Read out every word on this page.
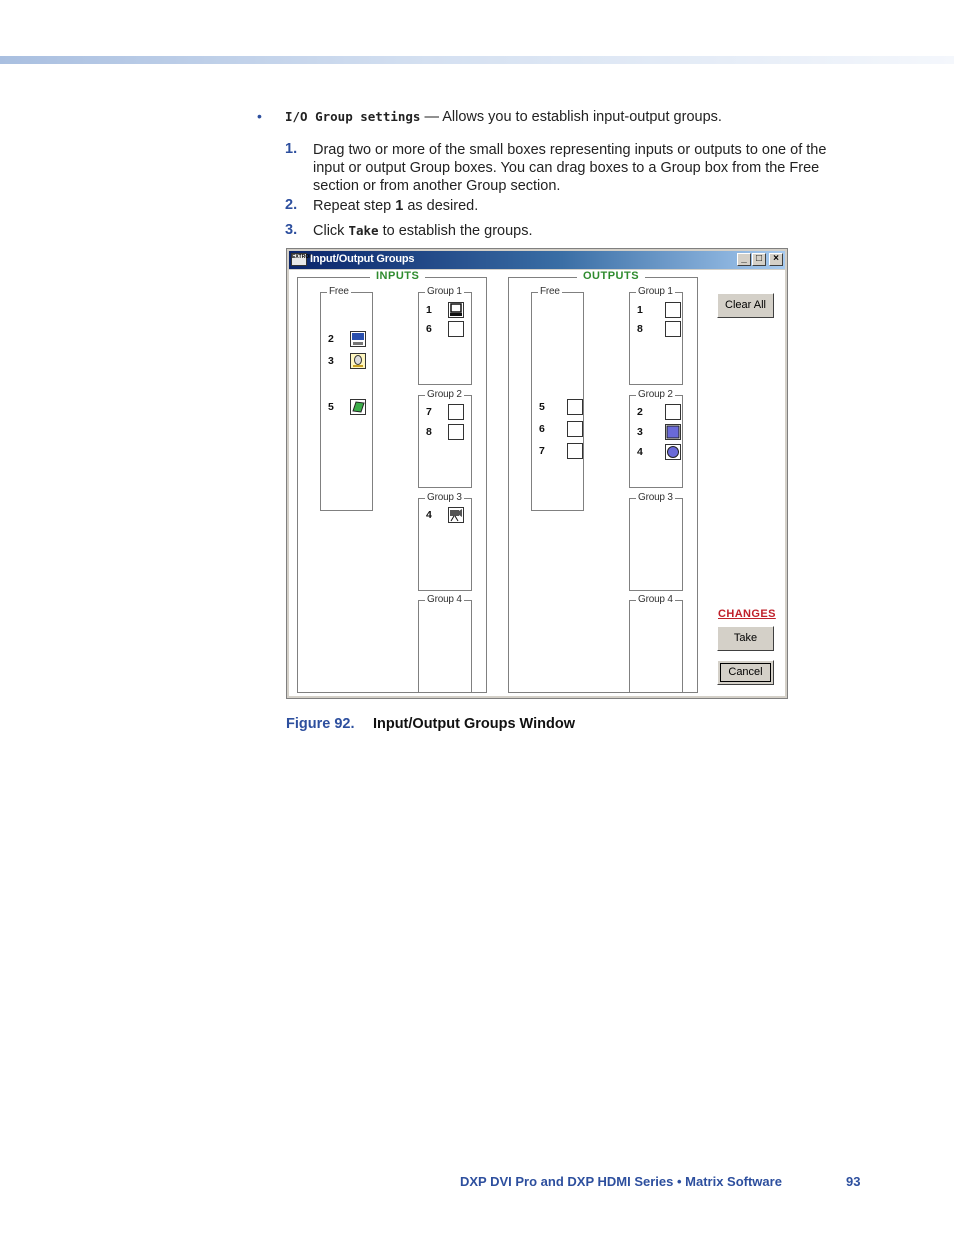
• I/O Group settings — Allows you to establish input-output groups.
1. Drag two or more of the small boxes representing inputs or outputs to one of the
input or output Group boxes. You can drag boxes to a Group box from the Free
section or from another Group section.
2. Repeat step 1 as desired.
3. Click Take to establish the groups.
EXTRON
Input/Output Groups	_ □	×
INPUTS
Free
2
3
5
Group 1
1
6
Group 2
7
8
Group 3
4
Group 4
OUTPUTS
Free
5
6
7
Group 1
1
8
Group 2
2
3
4
Group 3
Group 4
Clear All
CHANGES
Take
Cancel
Figure 92. Input/Output Groups Window
DXP DVI Pro and DXP HDMI Series • Matrix Software	93
